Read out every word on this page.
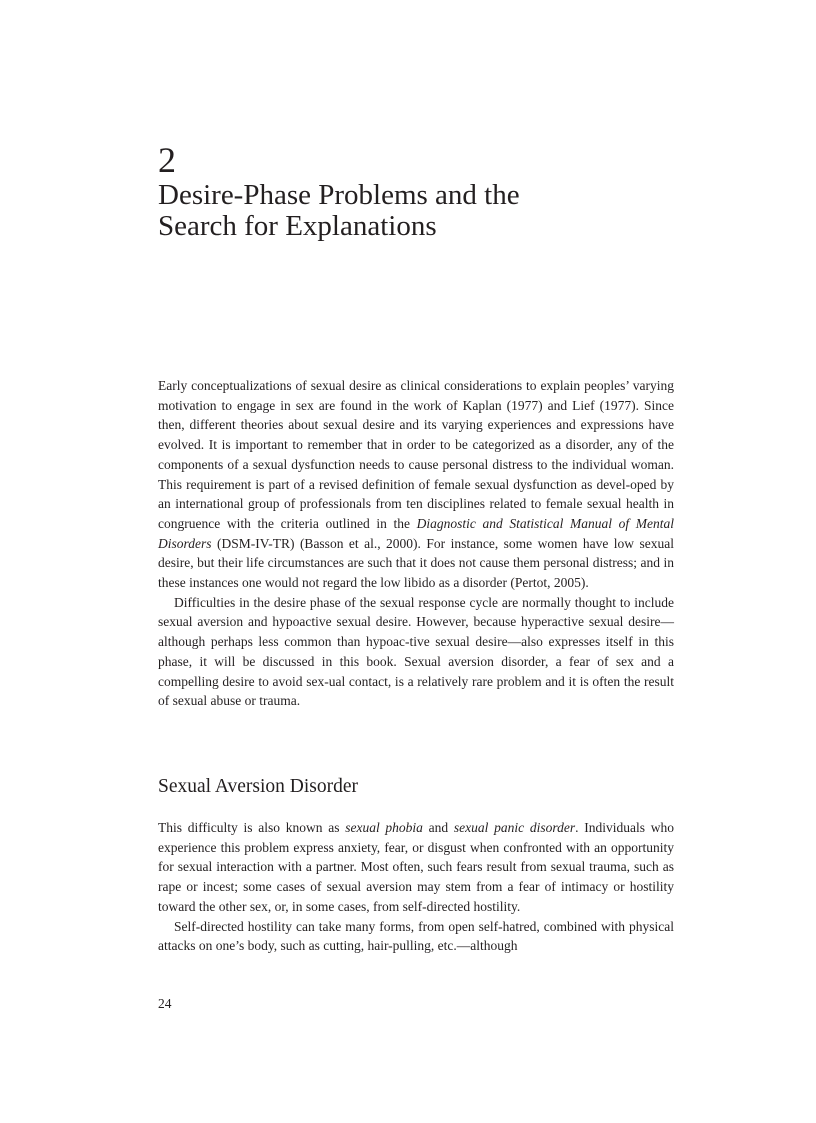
2
Desire-Phase Problems and the
Search for Explanations

Early conceptualizations of sexual desire as clinical considerations to explain peoples’ varying motivation to engage in sex are found in the work of Kaplan (1977) and Lief (1977). Since then, different theories about sexual desire and its varying experiences and expressions have evolved. It is important to remember that in order to be categorized as a disorder, any of the components of a sexual dysfunction needs to cause personal distress to the individual woman. This requirement is part of a revised definition of female sexual dysfunction as devel-oped by an international group of professionals from ten disciplines related to female sexual health in congruence with the criteria outlined in the Diagnostic and Statistical Manual of Mental Disorders (DSM-IV-TR) (Basson et al., 2000). For instance, some women have low sexual desire, but their life circumstances are such that it does not cause them personal distress; and in these instances one would not regard the low libido as a disorder (Pertot, 2005).

Difficulties in the desire phase of the sexual response cycle are normally thought to include sexual aversion and hypoactive sexual desire. However, because hyperactive sexual desire—although perhaps less common than hypoac-tive sexual desire—also expresses itself in this phase, it will be discussed in this book. Sexual aversion disorder, a fear of sex and a compelling desire to avoid sex-ual contact, is a relatively rare problem and it is often the result of sexual abuse or trauma.

Sexual Aversion Disorder

This difficulty is also known as sexual phobia and sexual panic disorder. Individuals who experience this problem express anxiety, fear, or disgust when confronted with an opportunity for sexual interaction with a partner. Most often, such fears result from sexual trauma, such as rape or incest; some cases of sexual aversion may stem from a fear of intimacy or hostility toward the other sex, or, in some cases, from self-directed hostility.

Self-directed hostility can take many forms, from open self-hatred, combined with physical attacks on one’s body, such as cutting, hair-pulling, etc.—although

24
